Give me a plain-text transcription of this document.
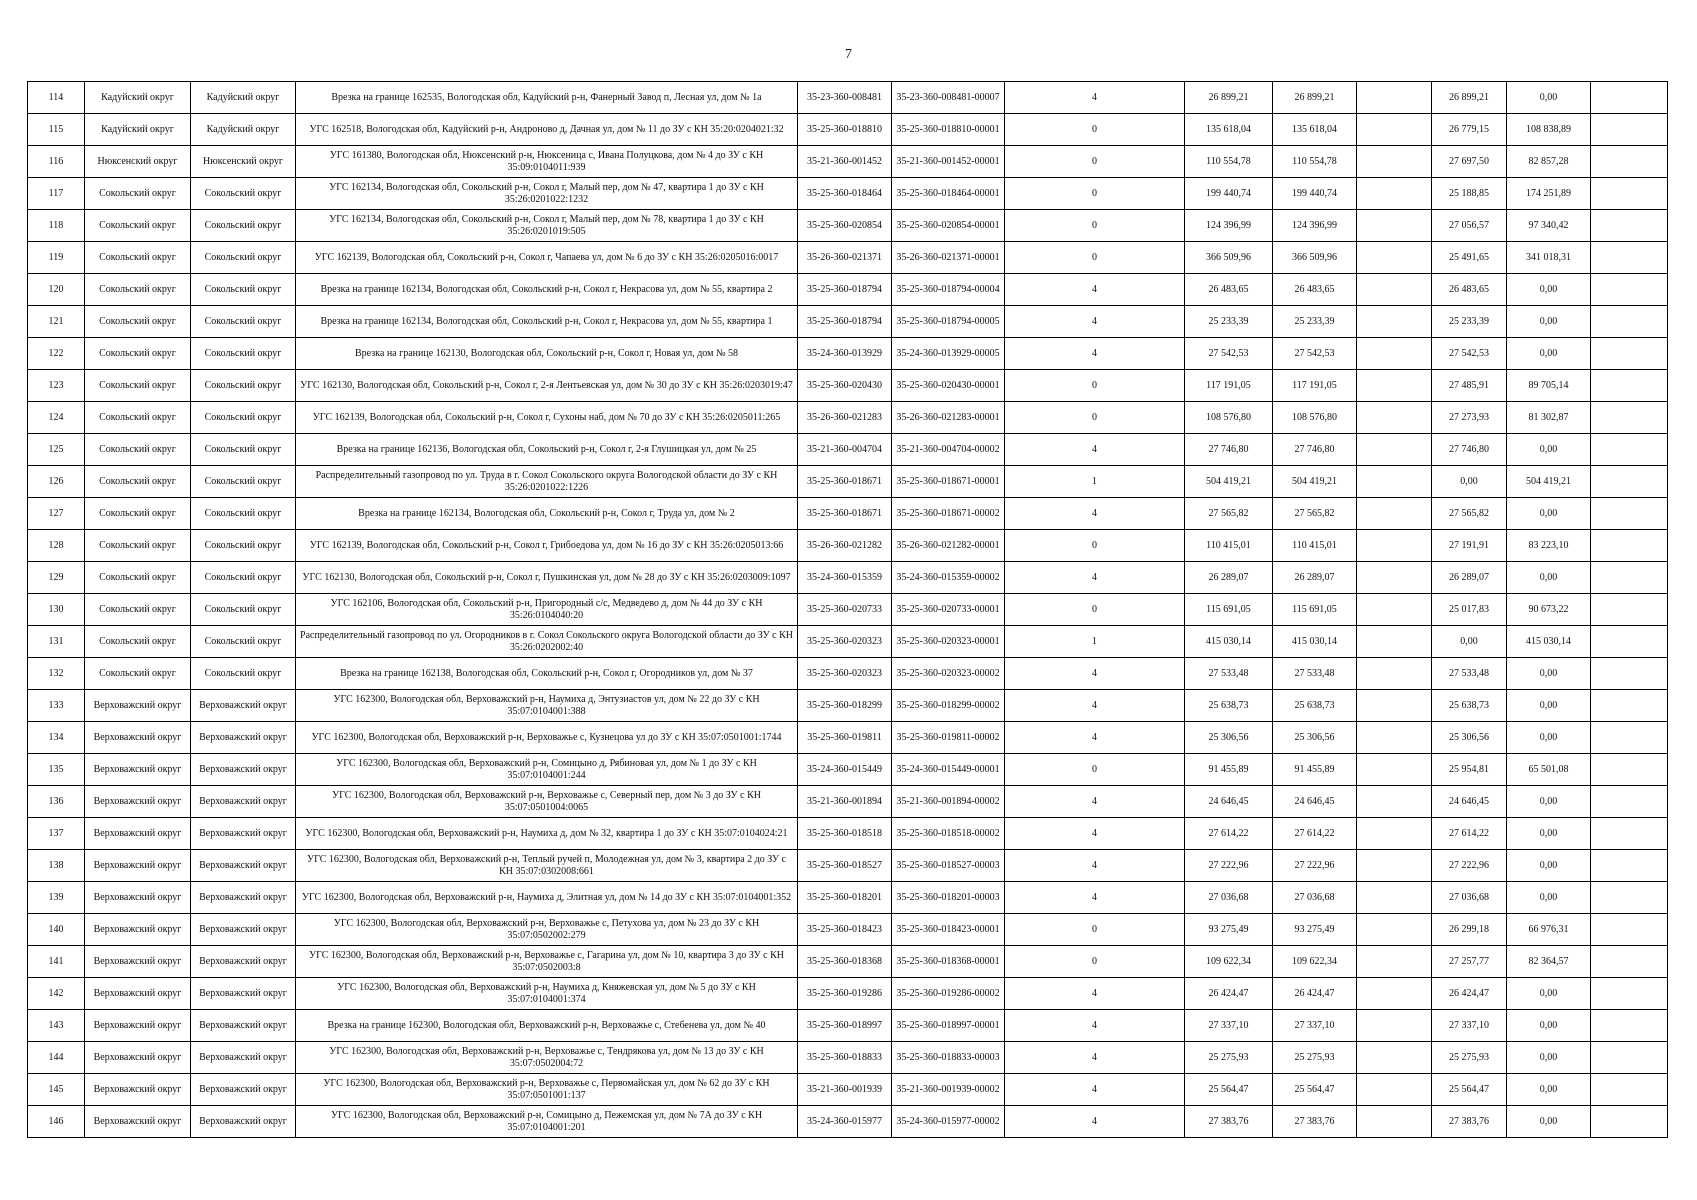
7
114	Кадуйский округ	Кадуйский округ	Врезка на границе 162535, Вологодская обл, Кадуйский р-н, Фанерный Завод п, Лесная ул, дом № 1а	35-23-360-008481	35-23-360-008481-00007	4	26 899,21	26 899,21		26 899,21	0,00	
115	Кадуйский округ	Кадуйский округ	УГС 162518, Вологодская обл, Кадуйский р-н, Андроново д, Дачная ул, дом № 11 до ЗУ с КН 35:20:0204021:32	35-25-360-018810	35-25-360-018810-00001	0	135 618,04	135 618,04		26 779,15	108 838,89	
116	Нюксенский округ	Нюксенский округ	УГС 161380, Вологодская обл, Нюксенский р-н, Нюксеница с, Ивана Полуцкова, дом № 4 до ЗУ с КН 35:09:0104011:939	35-21-360-001452	35-21-360-001452-00001	0	110 554,78	110 554,78		27 697,50	82 857,28	
117	Сокольский округ	Сокольский округ	УГС 162134, Вологодская обл, Сокольский р-н, Сокол г, Малый пер, дом № 47, квартира 1 до ЗУ с КН 35:26:0201022:1232	35-25-360-018464	35-25-360-018464-00001	0	199 440,74	199 440,74		25 188,85	174 251,89	
118	Сокольский округ	Сокольский округ	УГС 162134, Вологодская обл, Сокольский р-н, Сокол г, Малый пер, дом № 78, квартира 1 до ЗУ с КН 35:26:0201019:505	35-25-360-020854	35-25-360-020854-00001	0	124 396,99	124 396,99		27 056,57	97 340,42	
119	Сокольский округ	Сокольский округ	УГС 162139, Вологодская обл, Сокольский р-н, Сокол г, Чапаева ул, дом № 6 до ЗУ с КН 35:26:0205016:0017	35-26-360-021371	35-26-360-021371-00001	0	366 509,96	366 509,96		25 491,65	341 018,31	
120	Сокольский округ	Сокольский округ	Врезка на границе 162134, Вологодская обл, Сокольский р-н, Сокол г, Некрасова ул, дом № 55, квартира 2	35-25-360-018794	35-25-360-018794-00004	4	26 483,65	26 483,65		26 483,65	0,00	
121	Сокольский округ	Сокольский округ	Врезка на границе 162134, Вологодская обл, Сокольский р-н, Сокол г, Некрасова ул, дом № 55, квартира 1	35-25-360-018794	35-25-360-018794-00005	4	25 233,39	25 233,39		25 233,39	0,00	
122	Сокольский округ	Сокольский округ	Врезка на границе 162130, Вологодская обл, Сокольский р-н, Сокол г, Новая ул, дом № 58	35-24-360-013929	35-24-360-013929-00005	4	27 542,53	27 542,53		27 542,53	0,00	
123	Сокольский округ	Сокольский округ	УГС 162130, Вологодская обл, Сокольский р-н, Сокол г, 2-я Лентьевская ул, дом № 30 до ЗУ с КН 35:26:0203019:47	35-25-360-020430	35-25-360-020430-00001	0	117 191,05	117 191,05		27 485,91	89 705,14	
124	Сокольский округ	Сокольский округ	УГС 162139, Вологодская обл, Сокольский р-н, Сокол г, Сухоны наб, дом № 70 до ЗУ с КН 35:26:0205011:265	35-26-360-021283	35-26-360-021283-00001	0	108 576,80	108 576,80		27 273,93	81 302,87	
125	Сокольский округ	Сокольский округ	Врезка на границе 162136, Вологодская обл, Сокольский р-н, Сокол г, 2-я Глушицкая ул, дом № 25	35-21-360-004704	35-21-360-004704-00002	4	27 746,80	27 746,80		27 746,80	0,00	
126	Сокольский округ	Сокольский округ	Распределительный газопровод по ул. Труда в г. Сокол Сокольского округа Вологодской области до ЗУ с КН 35:26:0201022:1226	35-25-360-018671	35-25-360-018671-00001	1	504 419,21	504 419,21		0,00	504 419,21	
127	Сокольский округ	Сокольский округ	Врезка на границе 162134, Вологодская обл, Сокольский р-н, Сокол г, Труда ул, дом № 2	35-25-360-018671	35-25-360-018671-00002	4	27 565,82	27 565,82		27 565,82	0,00	
128	Сокольский округ	Сокольский округ	УГС 162139, Вологодская обл, Сокольский р-н, Сокол г, Грибоедова ул, дом № 16 до ЗУ с КН 35:26:0205013:66	35-26-360-021282	35-26-360-021282-00001	0	110 415,01	110 415,01		27 191,91	83 223,10	
129	Сокольский округ	Сокольский округ	УГС 162130, Вологодская обл, Сокольский р-н, Сокол г, Пушкинская ул, дом № 28 до ЗУ с КН 35:26:0203009:1097	35-24-360-015359	35-24-360-015359-00002	4	26 289,07	26 289,07		26 289,07	0,00	
130	Сокольский округ	Сокольский округ	УГС 162106, Вологодская обл, Сокольский р-н, Пригородный с/с, Медведево д, дом № 44 до ЗУ с КН 35:26:0104040:20	35-25-360-020733	35-25-360-020733-00001	0	115 691,05	115 691,05		25 017,83	90 673,22	
131	Сокольский округ	Сокольский округ	Распределительный газопровод по ул. Огородников в г. Сокол Сокольского округа Вологодской области до ЗУ с КН 35:26:0202002:40	35-25-360-020323	35-25-360-020323-00001	1	415 030,14	415 030,14		0,00	415 030,14	
132	Сокольский округ	Сокольский округ	Врезка на границе 162138, Вологодская обл, Сокольский р-н, Сокол г, Огородников ул, дом № 37	35-25-360-020323	35-25-360-020323-00002	4	27 533,48	27 533,48		27 533,48	0,00	
133	Верховажский округ	Верховажский округ	УГС 162300, Вологодская обл, Верховажский р-н, Наумиха д, Энтузиастов ул, дом № 22 до ЗУ с КН 35:07:0104001:388	35-25-360-018299	35-25-360-018299-00002	4	25 638,73	25 638,73		25 638,73	0,00	
134	Верховажский округ	Верховажский округ	УГС 162300, Вологодская обл, Верховажский р-н, Верховажье с, Кузнецова ул до ЗУ с КН 35:07:0501001:1744	35-25-360-019811	35-25-360-019811-00002	4	25 306,56	25 306,56		25 306,56	0,00	
135	Верховажский округ	Верховажский округ	УГС 162300, Вологодская обл, Верховажский р-н, Сомицыно д, Рябиновая ул, дом № 1 до ЗУ с КН 35:07:0104001:244	35-24-360-015449	35-24-360-015449-00001	0	91 455,89	91 455,89		25 954,81	65 501,08	
136	Верховажский округ	Верховажский округ	УГС 162300, Вологодская обл, Верховажский р-н, Верховажье с, Северный пер, дом № 3 до ЗУ с КН 35:07:0501004:0065	35-21-360-001894	35-21-360-001894-00002	4	24 646,45	24 646,45		24 646,45	0,00	
137	Верховажский округ	Верховажский округ	УГС 162300, Вологодская обл, Верховажский р-н, Наумиха д, дом № 32, квартира 1 до ЗУ с КН 35:07:0104024:21	35-25-360-018518	35-25-360-018518-00002	4	27 614,22	27 614,22		27 614,22	0,00	
138	Верховажский округ	Верховажский округ	УГС 162300, Вологодская обл, Верховажский р-н, Теплый ручей п, Молодежная ул, дом № 3, квартира 2 до ЗУ с КН 35:07:0302008:661	35-25-360-018527	35-25-360-018527-00003	4	27 222,96	27 222,96		27 222,96	0,00	
139	Верховажский округ	Верховажский округ	УГС 162300, Вологодская обл, Верховажский р-н, Наумиха д, Элитная ул, дом № 14 до ЗУ с КН 35:07:0104001:352	35-25-360-018201	35-25-360-018201-00003	4	27 036,68	27 036,68		27 036,68	0,00	
140	Верховажский округ	Верховажский округ	УГС 162300, Вологодская обл, Верховажский р-н, Верховажье с, Петухова ул, дом № 23 до ЗУ с КН 35:07:0502002:279	35-25-360-018423	35-25-360-018423-00001	0	93 275,49	93 275,49		26 299,18	66 976,31	
141	Верховажский округ	Верховажский округ	УГС 162300, Вологодская обл, Верховажский р-н, Верховажье с, Гагарина ул, дом № 10, квартира 3 до ЗУ с КН 35:07:0502003:8	35-25-360-018368	35-25-360-018368-00001	0	109 622,34	109 622,34		27 257,77	82 364,57	
142	Верховажский округ	Верховажский округ	УГС 162300, Вологодская обл, Верховажский р-н, Наумиха д, Княжевская ул, дом № 5 до ЗУ с КН 35:07:0104001:374	35-25-360-019286	35-25-360-019286-00002	4	26 424,47	26 424,47		26 424,47	0,00	
143	Верховажский округ	Верховажский округ	Врезка на границе 162300, Вологодская обл, Верховажский р-н, Верховажье с, Стебенева ул, дом № 40	35-25-360-018997	35-25-360-018997-00001	4	27 337,10	27 337,10		27 337,10	0,00	
144	Верховажский округ	Верховажский округ	УГС 162300, Вологодская обл, Верховажский р-н, Верховажье с, Тендрякова ул, дом № 13 до ЗУ с КН 35:07:0502004:72	35-25-360-018833	35-25-360-018833-00003	4	25 275,93	25 275,93		25 275,93	0,00	
145	Верховажский округ	Верховажский округ	УГС 162300, Вологодская обл, Верховажский р-н, Верховажье с, Первомайская ул, дом № 62 до ЗУ с КН 35:07:0501001:137	35-21-360-001939	35-21-360-001939-00002	4	25 564,47	25 564,47		25 564,47	0,00	
146	Верховажский округ	Верховажский округ	УГС 162300, Вологодская обл, Верховажский р-н, Сомицыно д, Пежемская ул, дом № 7А до ЗУ с КН 35:07:0104001:201	35-24-360-015977	35-24-360-015977-00002	4	27 383,76	27 383,76		27 383,76	0,00	
